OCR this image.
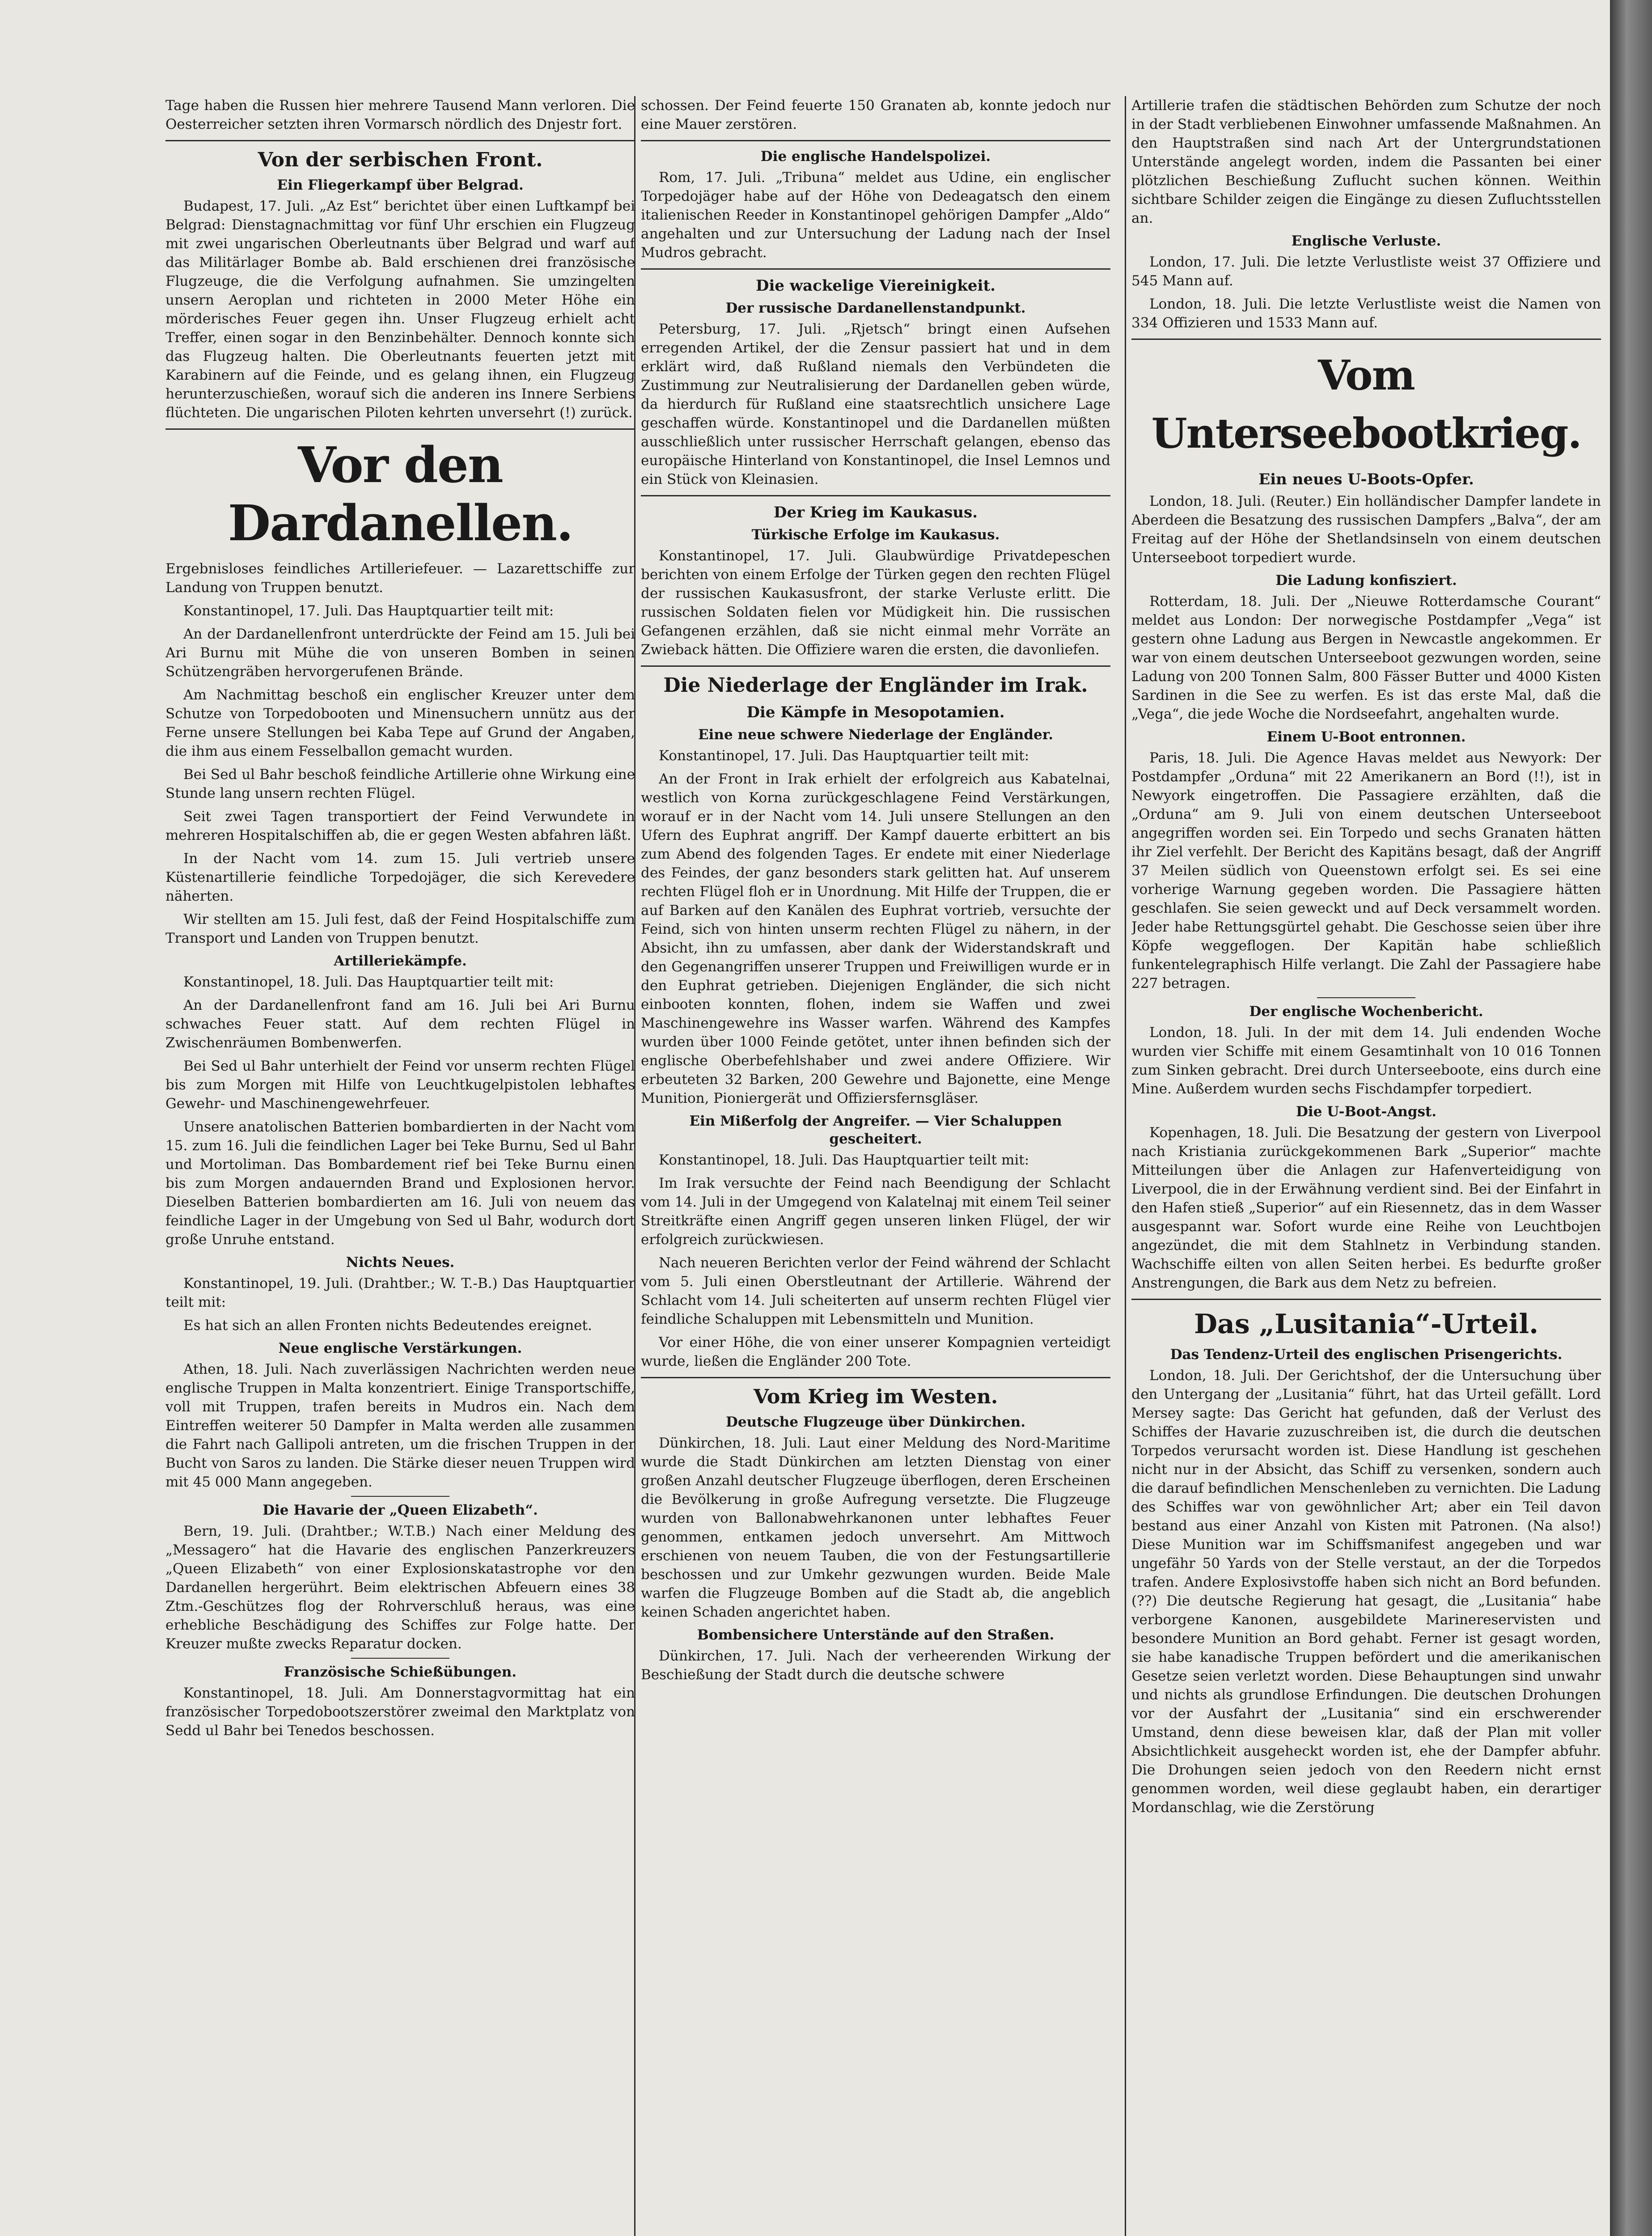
Tage haben die Russen hier mehrere Tausend Mann verloren. Die Oesterreicher setzten ihren Vormarsch nördlich des Dnjestr fort.

Von der serbischen Front.
Ein Fliegerkampf über Belgrad.

Budapest, 17. Juli. „Az Est“ berichtet über einen Luftkampf bei Belgrad: Dienstagnachmittag vor fünf Uhr erschien ein Flugzeug mit zwei ungarischen Oberleutnants über Belgrad und warf auf das Militärlager Bombe ab. Bald erschienen drei französische Flugzeuge, die die Verfolgung aufnahmen. Sie umzingelten unsern Aeroplan und richteten in 2000 Meter Höhe ein mörderisches Feuer gegen ihn. Unser Flugzeug erhielt acht Treffer, einen sogar in den Benzinbehälter. Dennoch konnte sich das Flugzeug halten. Die Oberleutnants feuerten jetzt mit Karabinern auf die Feinde, und es gelang ihnen, ein Flugzeug herunterzuschießen, worauf sich die anderen ins Innere Serbiens flüchteten. Die ungarischen Piloten kehrten unversehrt (!) zurück.

Vor den Dardanellen.

Ergebnisloses feindliches Artilleriefeuer. — Lazarettschiffe zur Landung von Truppen benutzt.

Konstantinopel, 17. Juli. Das Hauptquartier teilt mit:

An der Dardanellenfront unterdrückte der Feind am 15. Juli bei Ari Burnu mit Mühe die von unseren Bomben in seinen Schützengräben hervorgerufenen Brände.

Am Nachmittag beschoß ein englischer Kreuzer unter dem Schutze von Torpedobooten und Minensuchern unnütz aus der Ferne unsere Stellungen bei Kaba Tepe auf Grund der Angaben, die ihm aus einem Fesselballon gemacht wurden.

Bei Sed ul Bahr beschoß feindliche Artillerie ohne Wirkung eine Stunde lang unsern rechten Flügel.

Seit zwei Tagen transportiert der Feind Verwundete in mehreren Hospitalschiffen ab, die er gegen Westen abfahren läßt.

In der Nacht vom 14. zum 15. Juli vertrieb unsere Küstenartillerie feindliche Torpedojäger, die sich Kerevedere näherten.

Wir stellten am 15. Juli fest, daß der Feind Hospitalschiffe zum Transport und Landen von Truppen benutzt.

Artilleriekämpfe.

Konstantinopel, 18. Juli. Das Hauptquartier teilt mit:

An der Dardanellenfront fand am 16. Juli bei Ari Burnu schwaches Feuer statt. Auf dem rechten Flügel in Zwischenräumen Bombenwerfen.

Bei Sed ul Bahr unterhielt der Feind vor unserm rechten Flügel bis zum Morgen mit Hilfe von Leuchtkugelpistolen lebhaftes Gewehr- und Maschinengewehrfeuer.

Unsere anatolischen Batterien bombardierten in der Nacht vom 15. zum 16. Juli die feindlichen Lager bei Teke Burnu, Sed ul Bahr und Mortoliman. Das Bombardement rief bei Teke Burnu einen bis zum Morgen andauernden Brand und Explosionen hervor. Dieselben Batterien bombardierten am 16. Juli von neuem das feindliche Lager in der Umgebung von Sed ul Bahr, wodurch dort große Unruhe entstand.

Nichts Neues.

Konstantinopel, 19. Juli. (Drahtber.; W. T.-B.) Das Hauptquartier teilt mit:

Es hat sich an allen Fronten nichts Bedeutendes ereignet.

Neue englische Verstärkungen.

Athen, 18. Juli. Nach zuverlässigen Nachrichten werden neue englische Truppen in Malta konzentriert. Einige Transportschiffe, voll mit Truppen, trafen bereits in Mudros ein. Nach dem Eintreffen weiterer 50 Dampfer in Malta werden alle zusammen die Fahrt nach Gallipoli antreten, um die frischen Truppen in der Bucht von Saros zu landen. Die Stärke dieser neuen Truppen wird mit 45 000 Mann angegeben.

Die Havarie der „Queen Elizabeth“.

Bern, 19. Juli. (Drahtber.; W.T.B.) Nach einer Meldung des „Messagero“ hat die Havarie des englischen Panzerkreuzers „Queen Elizabeth“ von einer Explosionskatastrophe vor den Dardanellen hergerührt. Beim elektrischen Abfeuern eines 38 Ztm.-Geschützes flog der Rohrverschluß heraus, was eine erhebliche Beschädigung des Schiffes zur Folge hatte. Der Kreuzer mußte zwecks Reparatur docken.

Französische Schießübungen.

Konstantinopel, 18. Juli. Am Donnerstagvormittag hat ein französischer Torpedobootszerstörer zweimal den Marktplatz von Sedd ul Bahr bei Tenedos beschossen.

schossen. Der Feind feuerte 150 Granaten ab, konnte jedoch nur eine Mauer zerstören.

Die englische Handelspolizei.

Rom, 17. Juli. „Tribuna“ meldet aus Udine, ein englischer Torpedojäger habe auf der Höhe von Dedeagatsch den einem italienischen Reeder in Konstantinopel gehörigen Dampfer „Aldo“ angehalten und zur Untersuchung der Ladung nach der Insel Mudros gebracht.

Die wackelige Viereinigkeit.
Der russische Dardanellenstandpunkt.

Petersburg, 17. Juli. „Rjetsch“ bringt einen Aufsehen erregenden Artikel, der die Zensur passiert hat und in dem erklärt wird, daß Rußland niemals den Verbündeten die Zustimmung zur Neutralisierung der Dardanellen geben würde, da hierdurch für Rußland eine staatsrechtlich unsichere Lage geschaffen würde. Konstantinopel und die Dardanellen müßten ausschließlich unter russischer Herrschaft gelangen, ebenso das europäische Hinterland von Konstantinopel, die Insel Lemnos und ein Stück von Kleinasien.

Der Krieg im Kaukasus.
Türkische Erfolge im Kaukasus.

Konstantinopel, 17. Juli. Glaubwürdige Privatdepeschen berichten von einem Erfolge der Türken gegen den rechten Flügel der russischen Kaukasusfront, der starke Verluste erlitt. Die russischen Soldaten fielen vor Müdigkeit hin. Die russischen Gefangenen erzählen, daß sie nicht einmal mehr Vorräte an Zwieback hätten. Die Offiziere waren die ersten, die davonliefen.

Die Niederlage der Engländer im Irak.
Die Kämpfe in Mesopotamien.
Eine neue schwere Niederlage der Engländer.

Konstantinopel, 17. Juli. Das Hauptquartier teilt mit:

An der Front in Irak erhielt der erfolgreich aus Kabatelnai, westlich von Korna zurückgeschlagene Feind Verstärkungen, worauf er in der Nacht vom 14. Juli unsere Stellungen an den Ufern des Euphrat angriff. Der Kampf dauerte erbittert an bis zum Abend des folgenden Tages. Er endete mit einer Niederlage des Feindes, der ganz besonders stark gelitten hat. Auf unserem rechten Flügel floh er in Unordnung. Mit Hilfe der Truppen, die er auf Barken auf den Kanälen des Euphrat vortrieb, versuchte der Feind, sich von hinten unserm rechten Flügel zu nähern, in der Absicht, ihn zu umfassen, aber dank der Widerstandskraft und den Gegenangriffen unserer Truppen und Freiwilligen wurde er in den Euphrat getrieben. Diejenigen Engländer, die sich nicht einbooten konnten, flohen, indem sie Waffen und zwei Maschinengewehre ins Wasser warfen. Während des Kampfes wurden über 1000 Feinde getötet, unter ihnen befinden sich der englische Oberbefehlshaber und zwei andere Offiziere. Wir erbeuteten 32 Barken, 200 Gewehre und Bajonette, eine Menge Munition, Pioniergerät und Offiziersfernsgläser.

Ein Mißerfolg der Angreifer. — Vier Schaluppen gescheitert.

Konstantinopel, 18. Juli. Das Hauptquartier teilt mit:

Im Irak versuchte der Feind nach Beendigung der Schlacht vom 14. Juli in der Umgegend von Kalatelnaj mit einem Teil seiner Streitkräfte einen Angriff gegen unseren linken Flügel, der wir erfolgreich zurückwiesen.

Nach neueren Berichten verlor der Feind während der Schlacht vom 5. Juli einen Oberstleutnant der Artillerie. Während der Schlacht vom 14. Juli scheiterten auf unserm rechten Flügel vier feindliche Schaluppen mit Lebensmitteln und Munition.

Vor einer Höhe, die von einer unserer Kompagnien verteidigt wurde, ließen die Engländer 200 Tote.

Vom Krieg im Westen.
Deutsche Flugzeuge über Dünkirchen.

Dünkirchen, 18. Juli. Laut einer Meldung des Nord-Maritime wurde die Stadt Dünkirchen am letzten Dienstag von einer großen Anzahl deutscher Flugzeuge überflogen, deren Erscheinen die Bevölkerung in große Aufregung versetzte. Die Flugzeuge wurden von Ballonabwehrkanonen unter lebhaftes Feuer genommen, entkamen jedoch unversehrt. Am Mittwoch erschienen von neuem Tauben, die von der Festungsartillerie beschossen und zur Umkehr gezwungen wurden. Beide Male warfen die Flugzeuge Bomben auf die Stadt ab, die angeblich keinen Schaden angerichtet haben.

Bombensichere Unterstände auf den Straßen.

Dünkirchen, 17. Juli. Nach der verheerenden Wirkung der Beschießung der Stadt durch die deutsche schwere

Artillerie trafen die städtischen Behörden zum Schutze der noch in der Stadt verbliebenen Einwohner umfassende Maßnahmen. An den Hauptstraßen sind nach Art der Untergrundstationen Unterstände angelegt worden, indem die Passanten bei einer plötzlichen Beschießung Zuflucht suchen können. Weithin sichtbare Schilder zeigen die Eingänge zu diesen Zufluchtsstellen an.

Englische Verluste.

London, 17. Juli. Die letzte Verlustliste weist 37 Offiziere und 545 Mann auf.

London, 18. Juli. Die letzte Verlustliste weist die Namen von 334 Offizieren und 1533 Mann auf.

Vom Unterseebootkrieg.
Ein neues U-Boots-Opfer.

London, 18. Juli. (Reuter.) Ein holländischer Dampfer landete in Aberdeen die Besatzung des russischen Dampfers „Balva“, der am Freitag auf der Höhe der Shetlandsinseln von einem deutschen Unterseeboot torpediert wurde.

Die Ladung konfisziert.

Rotterdam, 18. Juli. Der „Nieuwe Rotterdamsche Courant“ meldet aus London: Der norwegische Postdampfer „Vega“ ist gestern ohne Ladung aus Bergen in Newcastle angekommen. Er war von einem deutschen Unterseeboot gezwungen worden, seine Ladung von 200 Tonnen Salm, 800 Fässer Butter und 4000 Kisten Sardinen in die See zu werfen. Es ist das erste Mal, daß die „Vega“, die jede Woche die Nordseefahrt, angehalten wurde.

Einem U-Boot entronnen.

Paris, 18. Juli. Die Agence Havas meldet aus Newyork: Der Postdampfer „Orduna“ mit 22 Amerikanern an Bord (!!), ist in Newyork eingetroffen. Die Passagiere erzählten, daß die „Orduna“ am 9. Juli von einem deutschen Unterseeboot angegriffen worden sei. Ein Torpedo und sechs Granaten hätten ihr Ziel verfehlt. Der Bericht des Kapitäns besagt, daß der Angriff 37 Meilen südlich von Queenstown erfolgt sei. Es sei eine vorherige Warnung gegeben worden. Die Passagiere hätten geschlafen. Sie seien geweckt und auf Deck versammelt worden. Jeder habe Rettungsgürtel gehabt. Die Geschosse seien über ihre Köpfe weggeflogen. Der Kapitän habe schließlich funkentelegraphisch Hilfe verlangt. Die Zahl der Passagiere habe 227 betragen.

Der englische Wochenbericht.

London, 18. Juli. In der mit dem 14. Juli endenden Woche wurden vier Schiffe mit einem Gesamtinhalt von 10 016 Tonnen zum Sinken gebracht. Drei durch Unterseeboote, eins durch eine Mine. Außerdem wurden sechs Fischdampfer torpediert.

Die U-Boot-Angst.

Kopenhagen, 18. Juli. Die Besatzung der gestern von Liverpool nach Kristiania zurückgekommenen Bark „Superior“ machte Mitteilungen über die Anlagen zur Hafenverteidigung von Liverpool, die in der Erwähnung verdient sind. Bei der Einfahrt in den Hafen stieß „Superior“ auf ein Riesennetz, das in dem Wasser ausgespannt war. Sofort wurde eine Reihe von Leuchtbojen angezündet, die mit dem Stahlnetz in Verbindung standen. Wachschiffe eilten von allen Seiten herbei. Es bedurfte großer Anstrengungen, die Bark aus dem Netz zu befreien.

Das „Lusitania“-Urteil.
Das Tendenz-Urteil des englischen Prisengerichts.

London, 18. Juli. Der Gerichtshof, der die Untersuchung über den Untergang der „Lusitania“ führt, hat das Urteil gefällt. Lord Mersey sagte: Das Gericht hat gefunden, daß der Verlust des Schiffes der Havarie zuzuschreiben ist, die durch die deutschen Torpedos verursacht worden ist. Diese Handlung ist geschehen nicht nur in der Absicht, das Schiff zu versenken, sondern auch die darauf befindlichen Menschenleben zu vernichten. Die Ladung des Schiffes war von gewöhnlicher Art; aber ein Teil davon bestand aus einer Anzahl von Kisten mit Patronen. (Na also!) Diese Munition war im Schiffsmanifest angegeben und war ungefähr 50 Yards von der Stelle verstaut, an der die Torpedos trafen. Andere Explosivstoffe haben sich nicht an Bord befunden. (??) Die deutsche Regierung hat gesagt, die „Lusitania“ habe verborgene Kanonen, ausgebildete Marinereservisten und besondere Munition an Bord gehabt. Ferner ist gesagt worden, sie habe kanadische Truppen befördert und die amerikanischen Gesetze seien verletzt worden. Diese Behauptungen sind unwahr und nichts als grundlose Erfindungen. Die deutschen Drohungen vor der Ausfahrt der „Lusitania“ sind ein erschwerender Umstand, denn diese beweisen klar, daß der Plan mit voller Absichtlichkeit ausgeheckt worden ist, ehe der Dampfer abfuhr. Die Drohungen seien jedoch von den Reedern nicht ernst genommen worden, weil diese geglaubt haben, ein derartiger Mordanschlag, wie die Zerstörung
